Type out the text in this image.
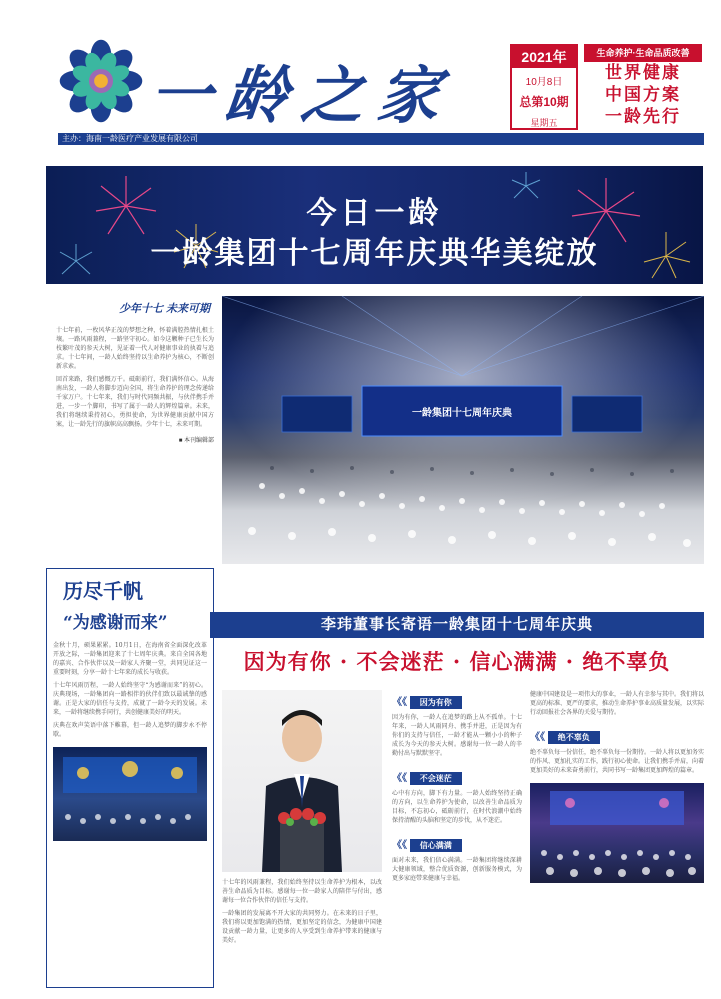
一龄之家
2021年
10月8日
总第10期
星期五
生命养护·生命品质改善
世界健康
中国方案
一龄先行
主办：海南一龄医疗产业发展有限公司
今日一龄
一龄集团十七周年庆典华美绽放
少年十七 未来可期

十七年前，一枚风华正茂的梦想之种，怀着满腔热情扎根土壤。一路风雨兼程，一路坚守初心。如今这颗种子已生长为枝繁叶茂的参天大树，见证着一代人对健康事业的执着与追求。十七年间，一龄人始终坚持以生命养护为核心，不断创新求索。

回首来路，我们感慨万千。砥砺前行，我们满怀信心。从海南出发，一龄人将脚步迈向全国，将生命养护的理念传递给千家万户。十七年来，我们与时代同频共振，与伙伴携手并进，一步一个脚印，书写了属于一龄人的辉煌篇章。未来，我们将继续秉持初心，勇担使命，为世界健康贡献中国方案，让一龄先行的旗帜高高飘扬。少年十七，未来可期。

■ 本刊编辑部
一龄集团十七周年庆典
历尽千帆
“为感谢而来”

金秋十月，硕果累累。10月1日，在海南省全面深化改革开放之际，一龄集团迎来了十七周年庆典。来自全国各地的嘉宾、合作伙伴以及一龄家人齐聚一堂，共同见证这一重要时刻，分享一龄十七年来的成长与收获。

十七年风雨历程，一龄人始终坚守“为感谢而来”的初心。庆典现场，一龄集团向一路相伴的伙伴们致以最诚挚的感谢。正是大家的信任与支持，成就了一龄今天的发展。未来，一龄将继续携手同行，共创健康美好的明天。

庆典在欢声笑语中落下帷幕，但一龄人追梦的脚步永不停歇。

李玮董事长寄语一龄集团十七周年庆典
因为有你 · 不会迷茫 · 信心满满 · 绝不辜负

十七年的风雨兼程，我们始终坚持以生命养护为根本，以改善生命品质为目标。感谢每一位一龄家人的陪伴与付出，感谢每一位合作伙伴的信任与支持。

一龄集团的发展离不开大家的共同努力。在未来的日子里，我们将以更加饱满的热情，更加坚定的信念，为健康中国建设贡献一龄力量，让更多的人享受到生命养护带来的健康与美好。

《《 因为有你

因为有你，一龄人在追梦的路上从不孤单。十七年来，一龄人风雨同舟、携手并进，正是因为有你们的支持与信任，一龄才能从一颗小小的种子成长为今天的参天大树。感谢每一位一龄人的辛勤付出与默默坚守。

《《 不会迷茫

心中有方向，脚下有力量。一龄人始终坚持正确的方向，以生命养护为使命，以改善生命品质为目标，不忘初心，砥砺前行，在时代浪潮中始终保持清醒的头脑和坚定的步伐，从不迷茫。

《《 信心满满

面对未来，我们信心满满。一龄集团将继续深耕大健康领域，整合优质资源，创新服务模式，为更多家庭带来健康与幸福。

健康中国建设是一项伟大的事业，一龄人有幸参与其中。我们将以更高的标准、更严的要求，推动生命养护事业高质量发展，以实际行动回报社会各界的关爱与期待。

《《 绝不辜负

绝不辜负每一份信任，绝不辜负每一份期待。一龄人将以更加务实的作风、更加扎实的工作，践行初心使命。让我们携手并肩，向着更加美好的未来奋勇前行，共同书写一龄集团更加辉煌的篇章。
